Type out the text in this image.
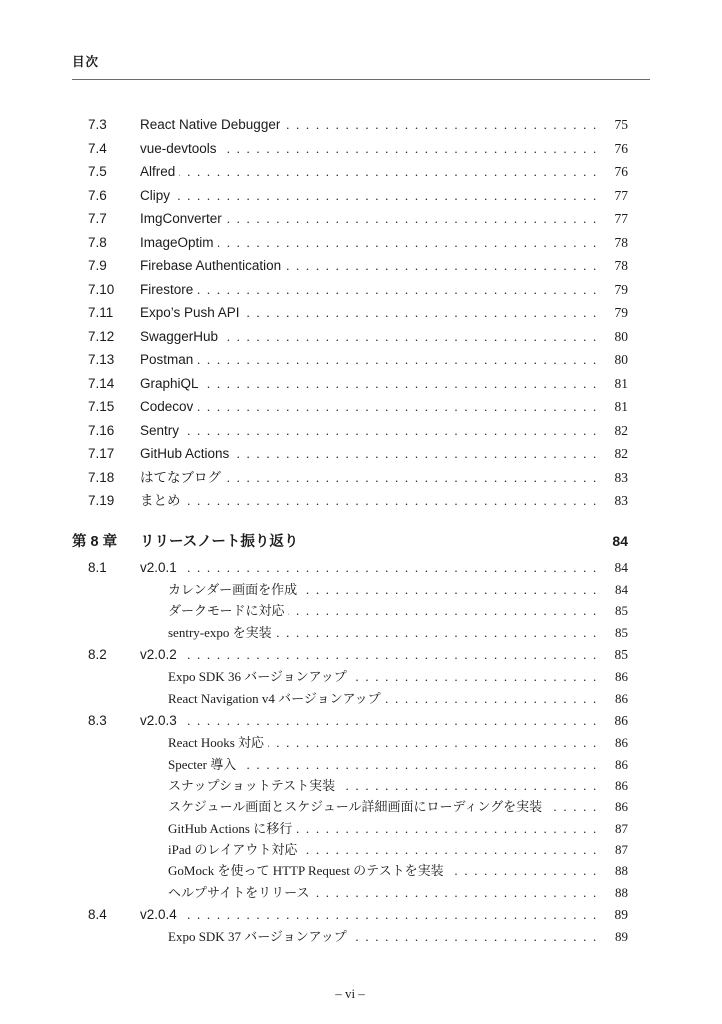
目次
7.3	React Native Debugger . . .	75
7.4	vue-devtools . . .	76
7.5	Alfred . . .	76
7.6	Clipy . . .	77
7.7	ImgConverter . . .	77
7.8	ImageOptim . . .	78
7.9	Firebase Authentication . . .	78
7.10	Firestore . . .	79
7.11	Expo’s Push API . . .	79
7.12	SwaggerHub . . .	80
7.13	Postman . . .	80
7.14	GraphiQL . . .	81
7.15	Codecov . . .	81
7.16	Sentry . . .	82
7.17	GitHub Actions . . .	82
7.18	はてなブログ . . .	83
7.19	まとめ . . .	83
第 8 章	リリースノート振り返り	84
8.1	v2.0.1 . . .	84
カレンダー画面を作成 . . .	84
ダークモードに対応 . . .	85
sentry-expo を実装 . . .	85
8.2	v2.0.2 . . .	85
Expo SDK 36 バージョンアップ . . .	86
React Navigation v4 バージョンアップ . . .	86
8.3	v2.0.3 . . .	86
React Hooks 対応 . . .	86
Specter 導入 . . .	86
スナップショットテスト実装 . . .	86
スケジュール画面とスケジュール詳細画面にローディングを実装 . . .	86
GitHub Actions に移行 . . .	87
iPad のレイアウト対応 . . .	87
GoMock を使って HTTP Request のテストを実装 . . .	88
ヘルプサイトをリリース . . .	88
8.4	v2.0.4 . . .	89
Expo SDK 37 バージョンアップ . . .	89
– vi –
